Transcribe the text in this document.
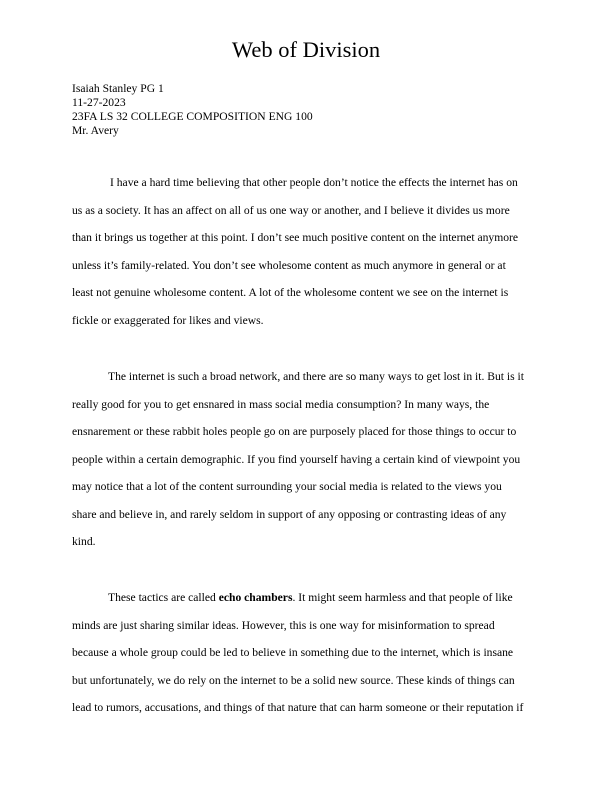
Web of Division
Isaiah Stanley PG 1
11-27-2023
23FA LS 32 COLLEGE COMPOSITION ENG 100
Mr. Avery
I have a hard time believing that other people don’t notice the effects the internet has on
us as a society. It has an affect on all of us one way or another, and I believe it divides us more
than it brings us together at this point. I don’t see much positive content on the internet anymore
unless it’s family-related. You don’t see wholesome content as much anymore in general or at
least not genuine wholesome content. A lot of the wholesome content we see on the internet is
fickle or exaggerated for likes and views.
The internet is such a broad network, and there are so many ways to get lost in it. But is it
really good for you to get ensnared in mass social media consumption? In many ways, the
ensnarement or these rabbit holes people go on are purposely placed for those things to occur to
people within a certain demographic. If you find yourself having a certain kind of viewpoint you
may notice that a lot of the content surrounding your social media is related to the views you
share and believe in, and rarely seldom in support of any opposing or contrasting ideas of any
kind.
These tactics are called echo chambers. It might seem harmless and that people of like
minds are just sharing similar ideas. However, this is one way for misinformation to spread
because a whole group could be led to believe in something due to the internet, which is insane
but unfortunately, we do rely on the internet to be a solid new source. These kinds of things can
lead to rumors, accusations, and things of that nature that can harm someone or their reputation if
